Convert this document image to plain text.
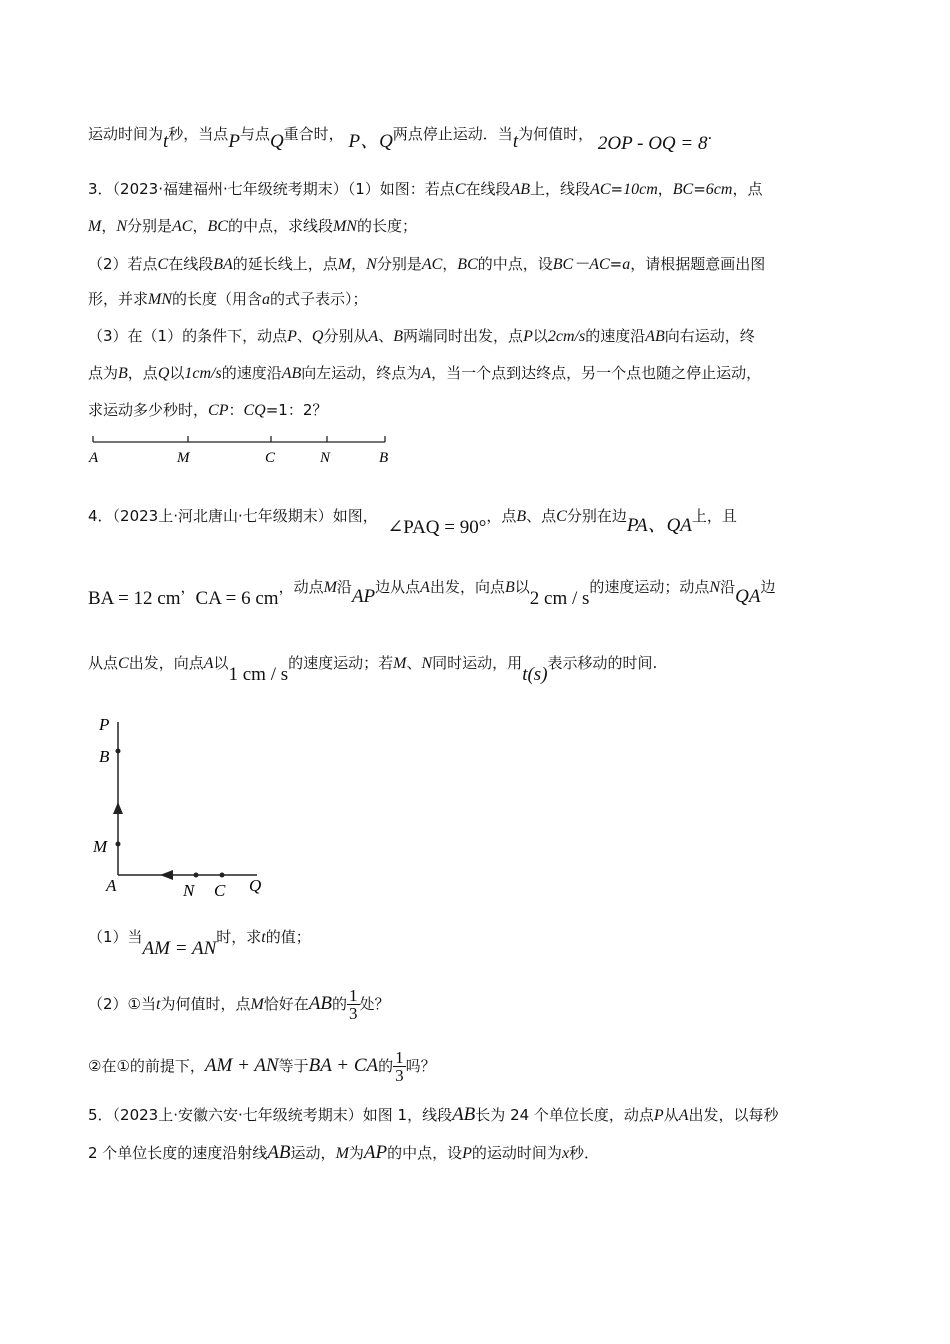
运动时间为t秒，当点P与点Q重合时， P、Q两点停止运动．当t为何值时， 2OP - OQ = 8.
3．（2023·福建福州·七年级统考期末）（1）如图：若点C在线段AB上，线段AC=10cm，BC=6cm，点
M，N分别是AC，BC的中点，求线段MN的长度；
（2）若点C在线段BA的延长线上，点M，N分别是AC，BC的中点，设BC－AC=a，请根据题意画出图
形，并求MN的长度（用含a的式子表示）；
（3）在（1）的条件下，动点P、Q分别从A、B两端同时出发，点P以2cm/s的速度沿AB向右运动，终
点为B，点Q以1cm/s的速度沿AB向左运动，终点为A，当一个点到达终点，另一个点也随之停止运动，
求运动多少秒时，CP：CQ=1：2？
A	M	C	N	B
4．（2023上·河北唐山·七年级期末）如图，  ∠PAQ = 90°，点B、点C分别在边PA、QA上，且
BA = 12 cm，CA = 6 cm，动点M沿AP边从点A出发，向点B以2 cm / s的速度运动；动点N沿QA边
从点C出发，向点A以1 cm / s的速度运动；若M、N同时运动，用t(s)表示移动的时间.
P
B
M
A	N C Q
（1）当AM = AN时，求t的值；
（2）①当t为何值时，点M恰好在AB的 $\frac{1}{3}$ 处？
②在①的前提下，AM + AN等于BA + CA的 $\frac{1}{3}$ 吗？
5．（2023上·安徽六安·七年级统考期末）如图 1，线段AB长为 24 个单位长度，动点P从A出发，以每秒
2 个单位长度的速度沿射线AB运动，M为AP的中点，设P的运动时间为x秒．
